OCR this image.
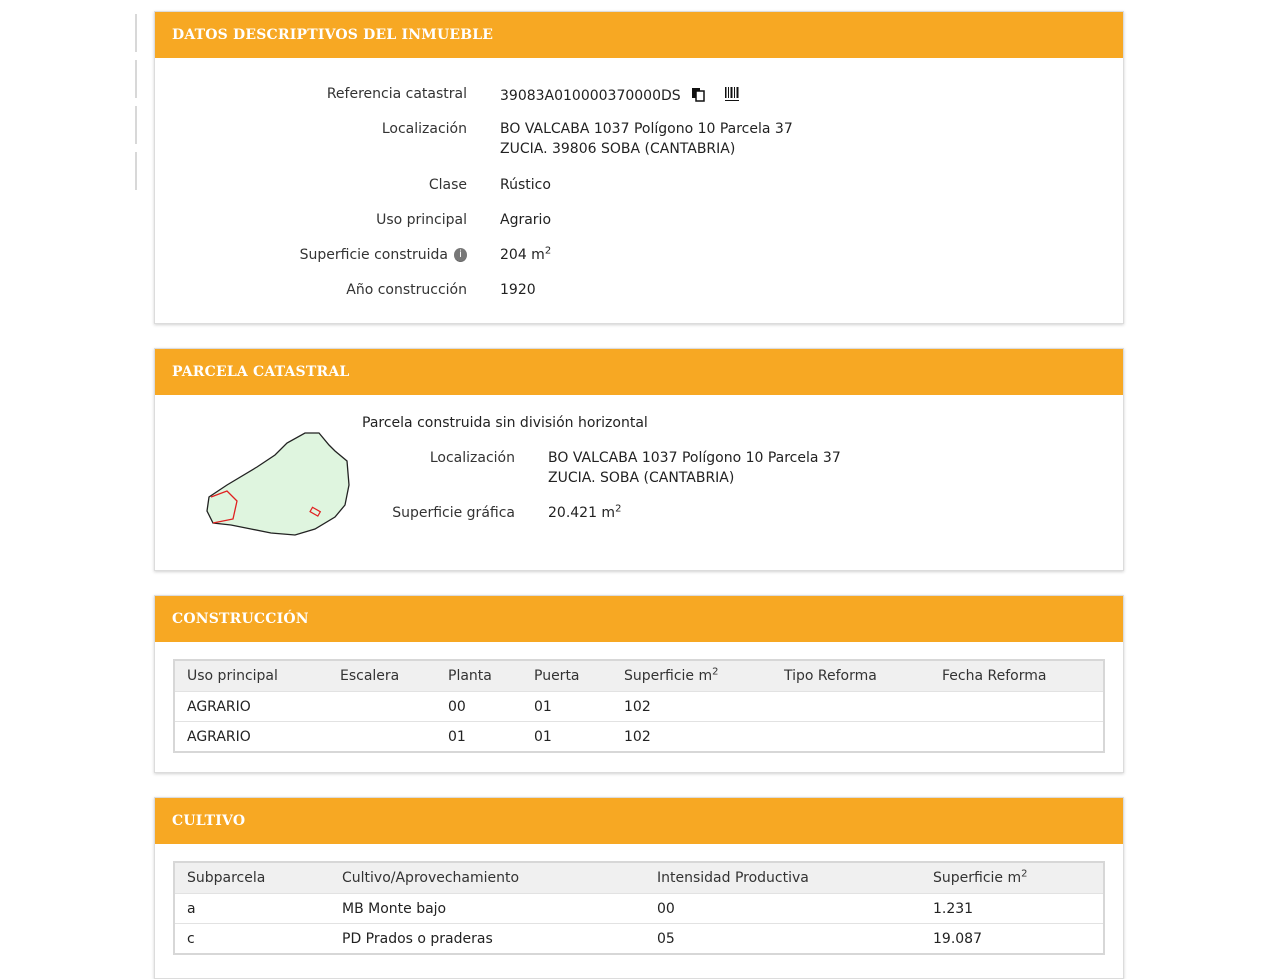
DATOS DESCRIPTIVOS DEL INMUEBLE
Referencia catastral 39083A010000370000DS
Localización BO VALCABA 1037 Polígono 10 Parcela 37
ZUCIA. 39806 SOBA (CANTABRIA)
Clase Rústico
Uso principal Agrario
Superficie construida i	204 $m^2$
Año construcción 1920
PARCELA CATASTRAL
Parcela construida sin división horizontal
Localización BO VALCABA 1037 Polígono 10 Parcela 37
ZUCIA. SOBA (CANTABRIA)
Superficie gráfica 20.421 $m^2$
CONSTRUCCIÓN
Uso principal	Escalera	Planta	Puerta	Superficie $m^2$	Tipo Reforma	Fecha Reforma
AGRARIO		00	01	102		
AGRARIO		01	01	102		
CULTIVO
Subparcela	Cultivo/Aprovechamiento	Intensidad Productiva	Superficie $m^2$
a	MB Monte bajo	00	1.231
c	PD Prados o praderas	05	19.087
